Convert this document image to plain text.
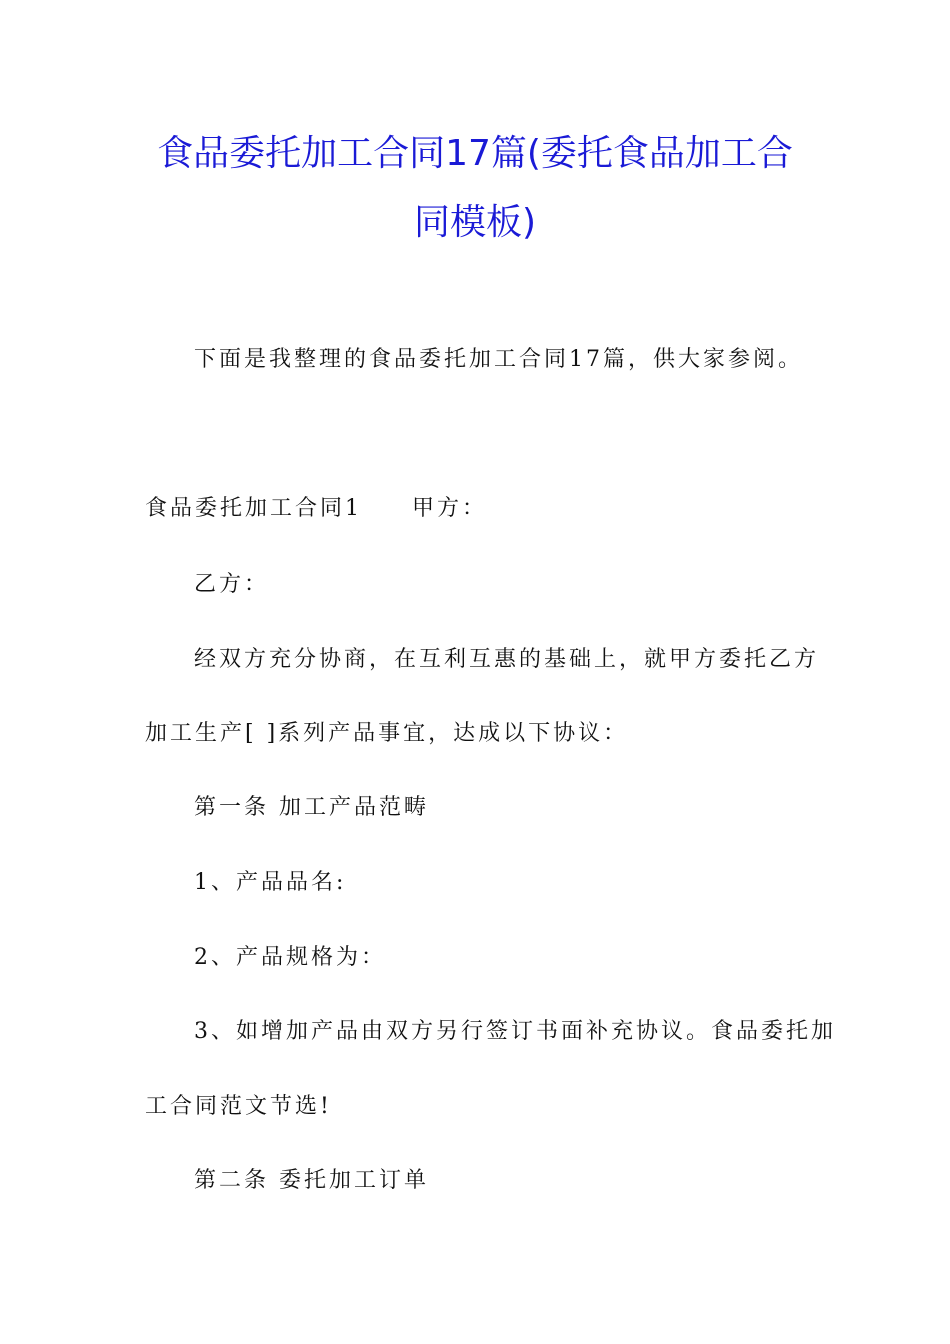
食品委托加工合同17篇(委托食品加工合
同模板)

下面是我整理的食品委托加工合同17篇，供大家参阅。

食品委托加工合同1 甲方：

乙方：

经双方充分协商，在互利互惠的基础上，就甲方委托乙方

加工生产[ ]系列产品事宜，达成以下协议：

第一条 加工产品范畴

1、产品品名:

2、产品规格为：

3、如增加产品由双方另行签订书面补充协议。食品委托加

工合同范文节选!

第二条 委托加工订单
